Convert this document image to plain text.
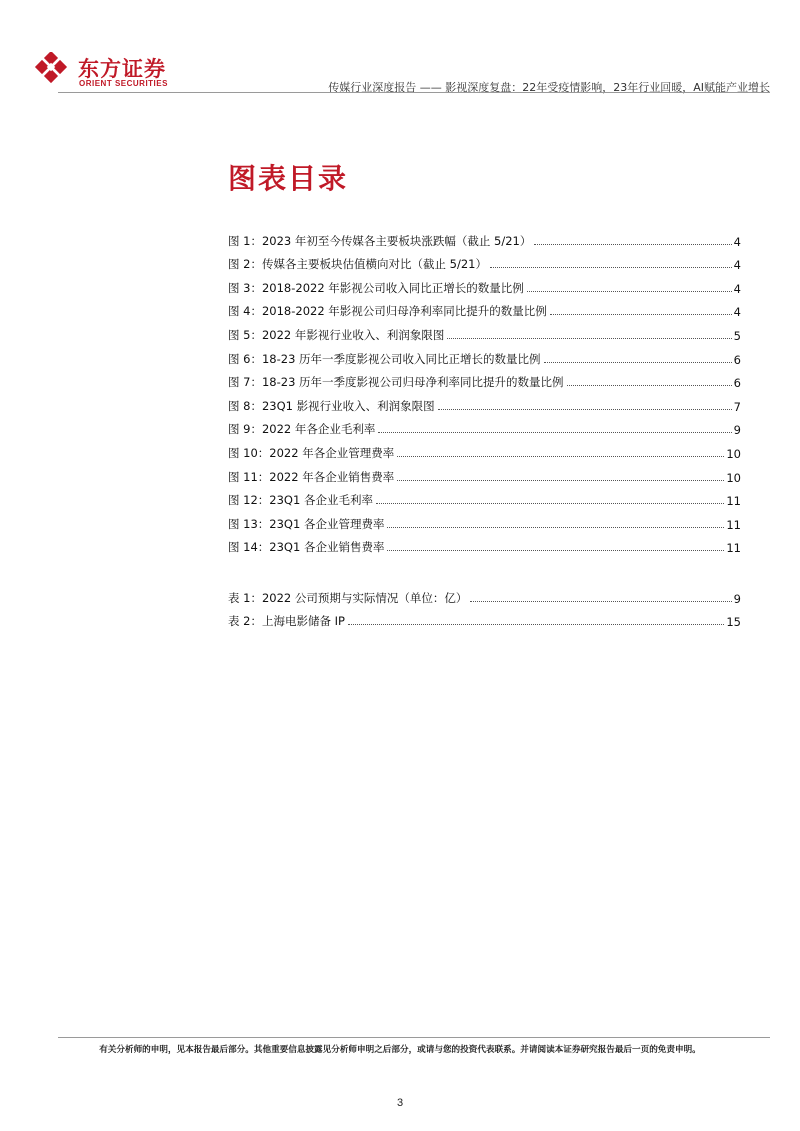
东方证券
ORIENT SECURITIES	传媒行业深度报告 —— 影视深度复盘：22年受疫情影响，23年行业回暖，AI赋能产业增长
图表目录
图 1：2023 年初至今传媒各主要板块涨跌幅（截止 5/21）	4
图 2：传媒各主要板块估值横向对比（截止 5/21）	4
图 3：2018-2022 年影视公司收入同比正增长的数量比例	4
图 4：2018-2022 年影视公司归母净利率同比提升的数量比例	4
图 5：2022 年影视行业收入、利润象限图	5
图 6：18-23 历年一季度影视公司收入同比正增长的数量比例	6
图 7：18-23 历年一季度影视公司归母净利率同比提升的数量比例	6
图 8：23Q1 影视行业收入、利润象限图	7
图 9：2022 年各企业毛利率	9
图 10：2022 年各企业管理费率	10
图 11：2022 年各企业销售费率	10
图 12：23Q1 各企业毛利率	11
图 13：23Q1 各企业管理费率	11
图 14：23Q1 各企业销售费率	11
表 1：2022 公司预期与实际情况（单位：亿）	9
表 2：上海电影储备 IP	15
有关分析师的申明，见本报告最后部分。其他重要信息披露见分析师申明之后部分，或请与您的投资代表联系。并请阅读本证券研究报告最后一页的免责申明。
3
